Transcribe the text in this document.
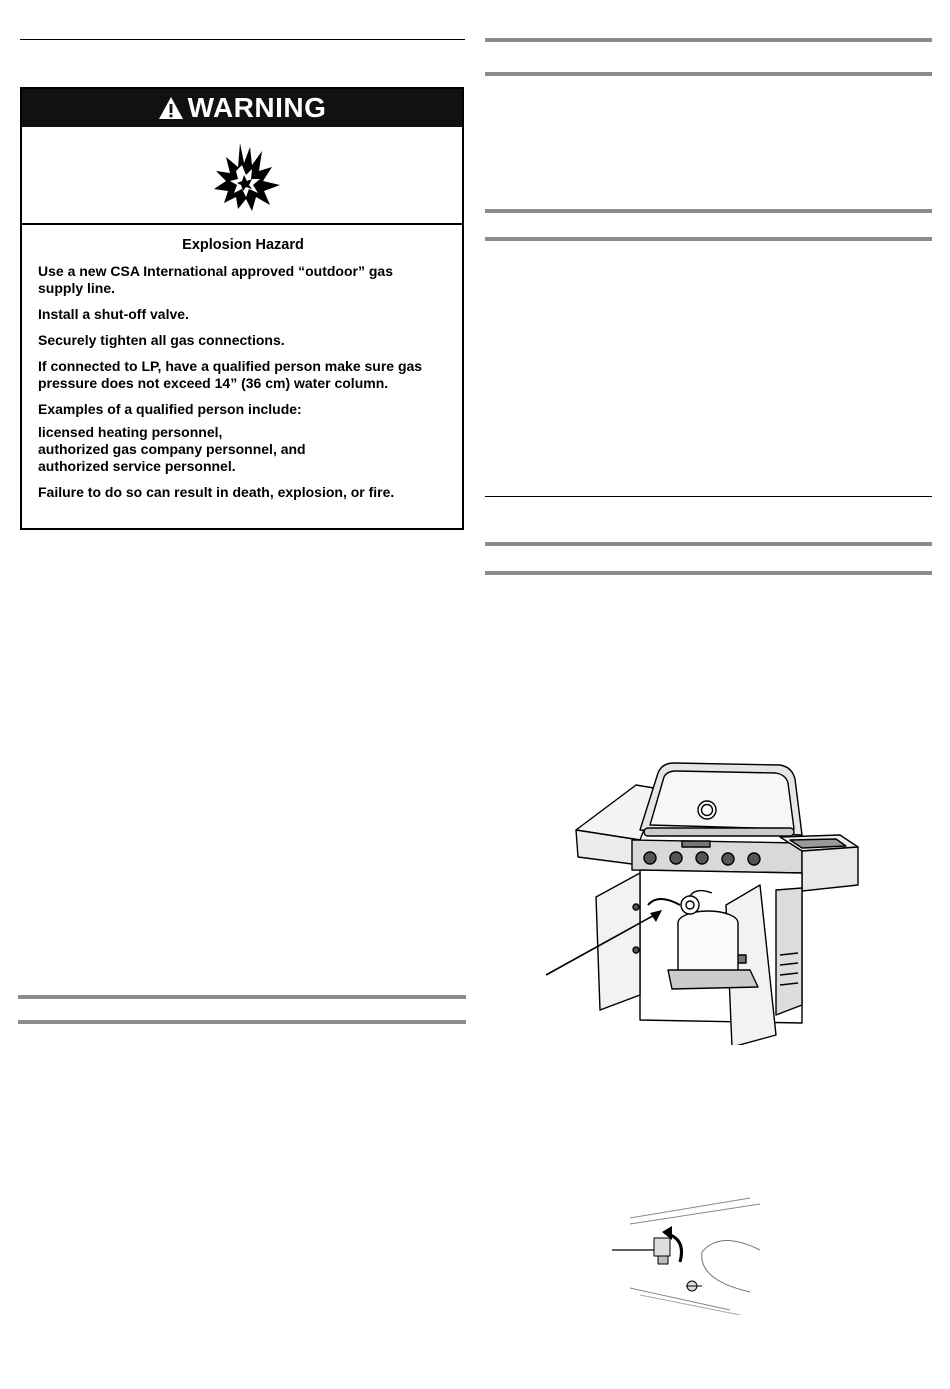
WARNING

Explosion Hazard

Use a new CSA International approved “outdoor” gas supply line.

Install a shut-off valve.

Securely tighten all gas connections.

If connected to LP, have a qualified person make sure gas pressure does not exceed 14” (36 cm) water column.

Examples of a qualified person include:

licensed heating personnel,

authorized gas company personnel, and

authorized service personnel.

Failure to do so can result in death, explosion, or fire.
